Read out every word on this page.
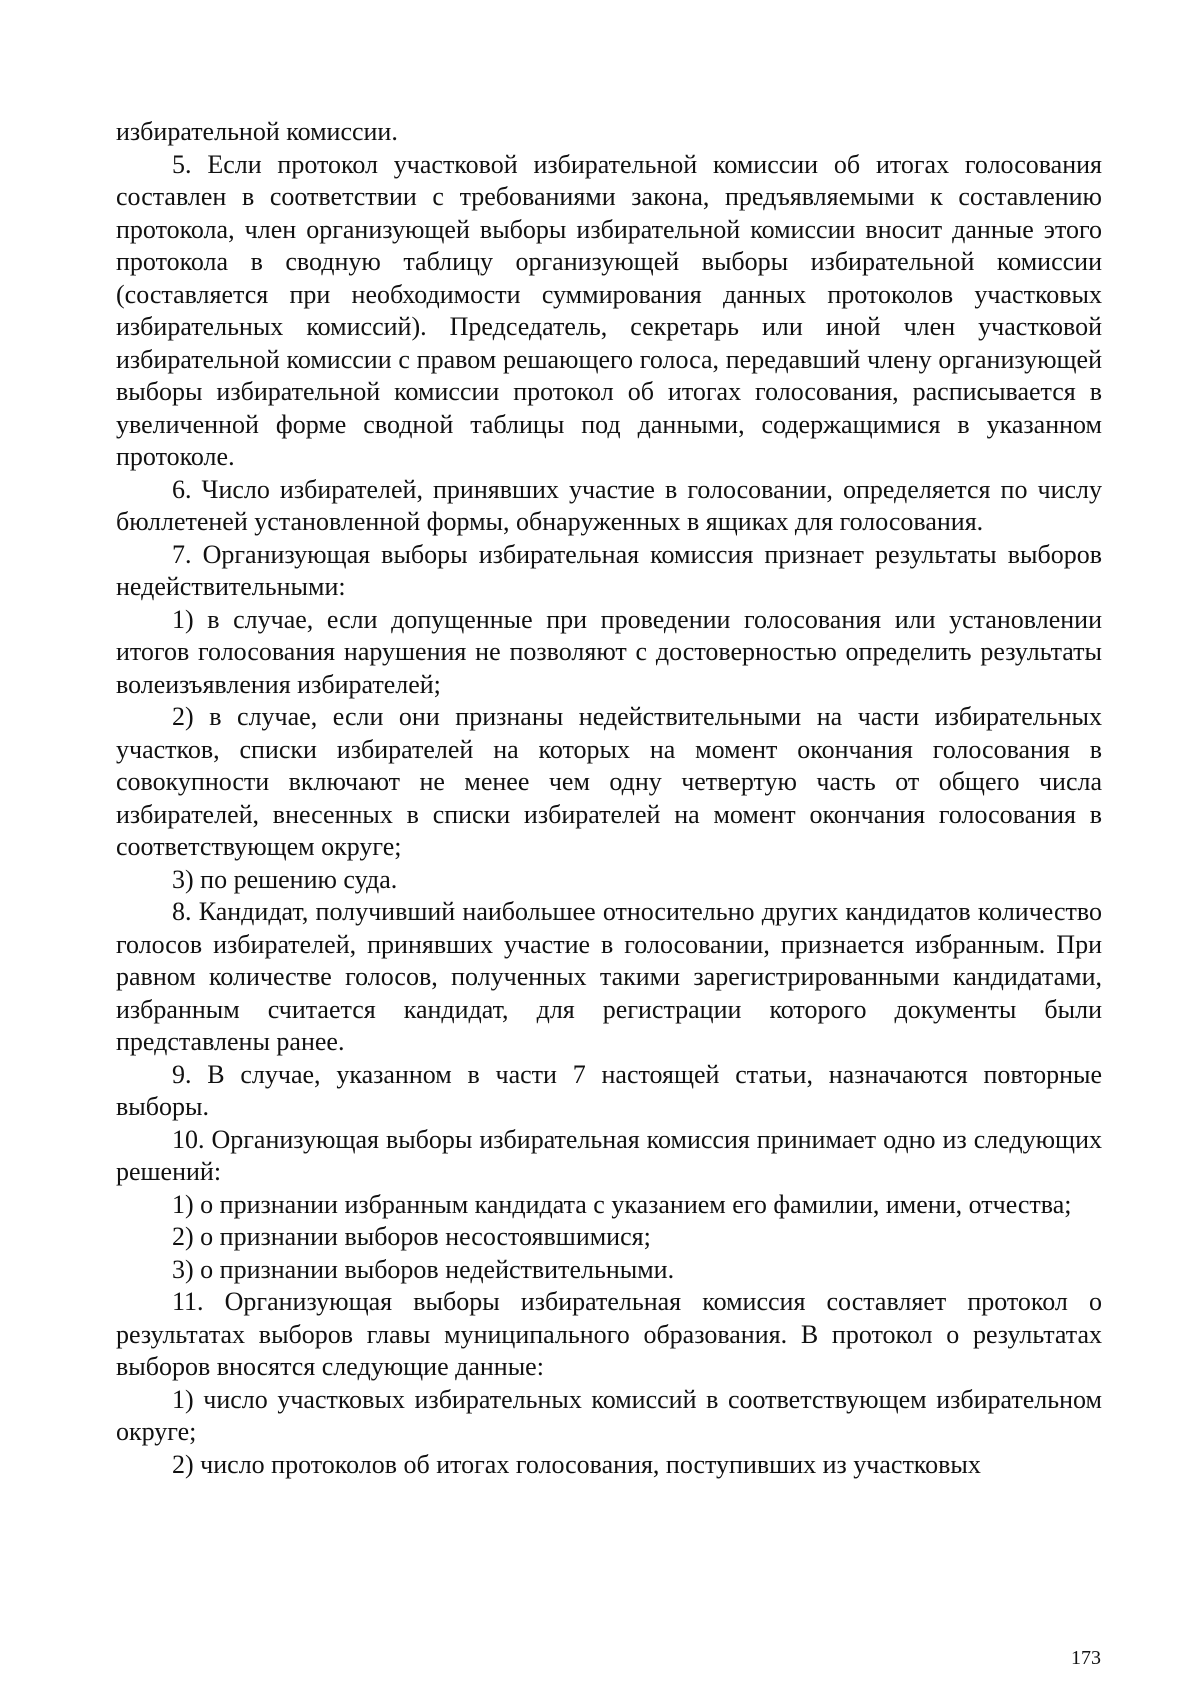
избирательной комиссии.

5. Если протокол участковой избирательной комиссии об итогах голосования составлен в соответствии с требованиями закона, предъявляемыми к составлению протокола, член организующей выборы избирательной комиссии вносит данные этого протокола в сводную таблицу организующей выборы избирательной комиссии (составляется при необходимости суммирования данных протоколов участковых избирательных комиссий). Председатель, секретарь или иной член участковой избирательной комиссии с правом решающего голоса, передавший члену организующей выборы избирательной комиссии протокол об итогах голосования, расписывается в увеличенной форме сводной таблицы под данными, содержащимися в указанном протоколе.

6. Число избирателей, принявших участие в голосовании, определяется по числу бюллетеней установленной формы, обнаруженных в ящиках для голосования.

7. Организующая выборы избирательная комиссия признает результаты выборов недействительными:

1) в случае, если допущенные при проведении голосования или установлении итогов голосования нарушения не позволяют с достоверностью определить результаты волеизъявления избирателей;

2) в случае, если они признаны недействительными на части избирательных участков, списки избирателей на которых на момент окончания голосования в совокупности включают не менее чем одну четвертую часть от общего числа избирателей, внесенных в списки избирателей на момент окончания голосования в соответствующем округе;

3) по решению суда.

8. Кандидат, получивший наибольшее относительно других кандидатов количество голосов избирателей, принявших участие в голосовании, признается избранным. При равном количестве голосов, полученных такими зарегистрированными кандидатами, избранным считается кандидат, для регистрации которого документы были представлены ранее.

9. В случае, указанном в части 7 настоящей статьи, назначаются повторные выборы.

10. Организующая выборы избирательная комиссия принимает одно из следующих решений:

1) о признании избранным кандидата с указанием его фамилии, имени, отчества;

2) о признании выборов несостоявшимися;

3) о признании выборов недействительными.

11. Организующая выборы избирательная комиссия составляет протокол о результатах выборов главы муниципального образования. В протокол о результатах выборов вносятся следующие данные:

1) число участковых избирательных комиссий в соответствующем избирательном округе;

2) число протоколов об итогах голосования, поступивших из участковых

173
